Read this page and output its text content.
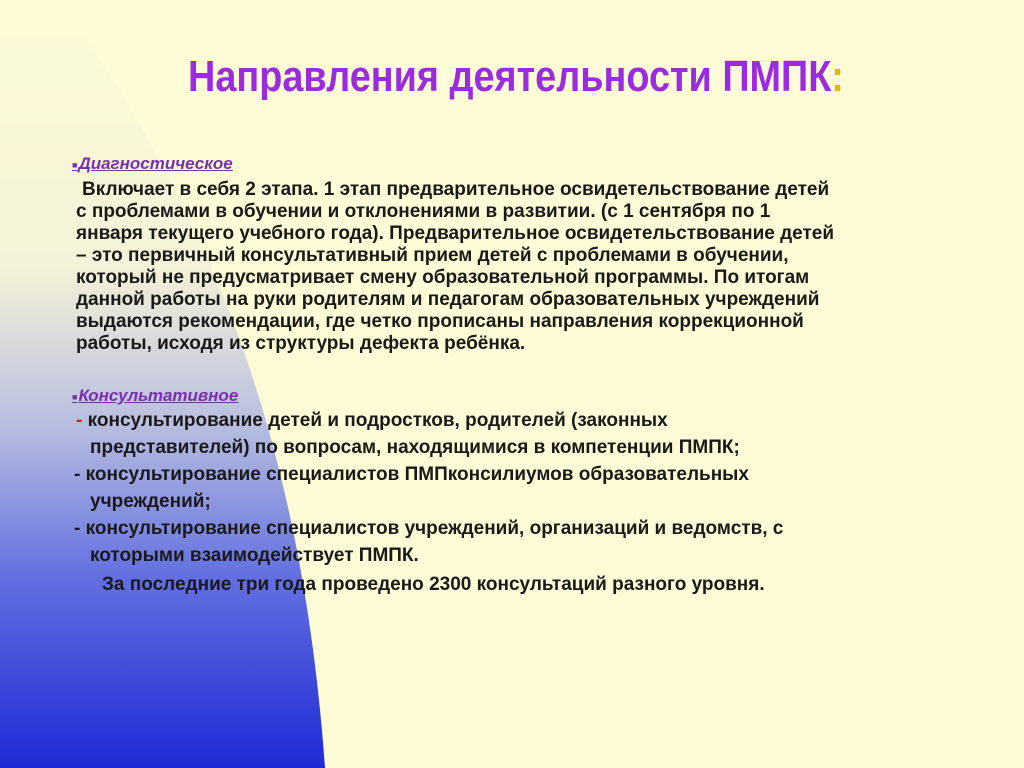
Направления деятельности ПМПК:
■Диагностическое

Включает в себя 2 этапа. 1 этап предварительное освидетельствование детей

с проблемами в обучении и отклонениями в развитии. (с 1 сентября по 1

января текущего учебного года). Предварительное освидетельствование детей

– это первичный консультативный прием детей с проблемами в обучении,

который не предусматривает смену образовательной программы. По итогам

данной работы на руки родителям и педагогам образовательных учреждений

выдаются рекомендации, где четко прописаны направления коррекционной

работы, исходя из структуры дефекта ребёнка.

■Консультативное

- консультирование детей и подростков, родителей (законных

представителей) по вопросам, находящимися в компетенции ПМПК;

- консультирование специалистов ПМПконсилиумов образовательных

учреждений;

- консультирование специалистов учреждений, организаций и ведомств, с

которыми взаимодействует ПМПК.

За последние три года проведено 2300 консультаций разного уровня.
